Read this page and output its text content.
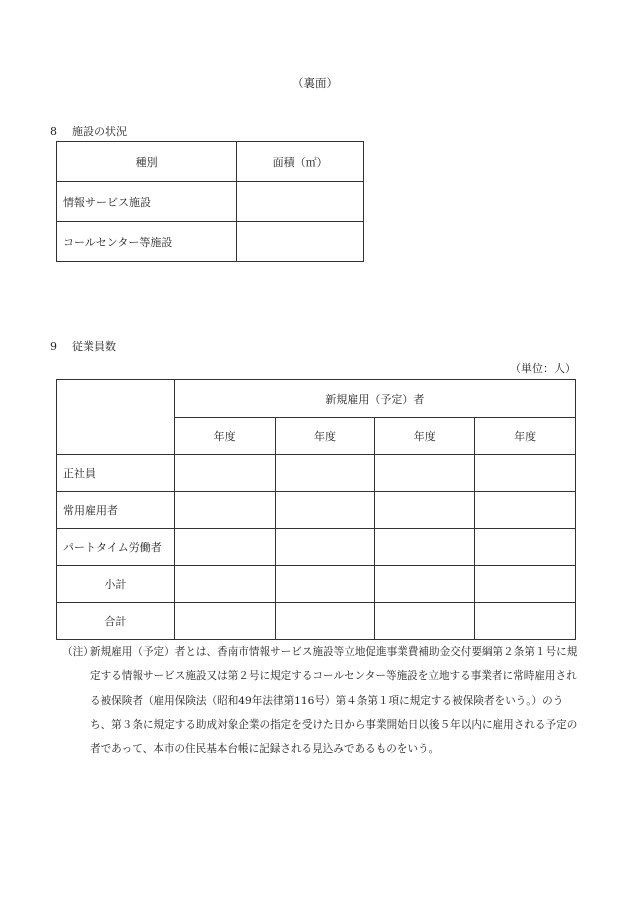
（裏面）
8 施設の状況
種別	面積（㎡）
情報サービス施設	
コールセンター等施設	
9 従業員数
（単位：人）
	新規雇用（予定）者			
	年度	年度	年度	年度
正社員				
常用雇用者				
パートタイム労働者				
小計				
合計				
（注）
新規雇用（予定）者とは、香南市情報サービス施設等立地促進事業費補助金交付要綱第２条第１号に規定する情報サービス施設又は第２号に規定するコールセンター等施設を立地する事業者に常時雇用される被保険者（雇用保険法（昭和49年法律第116号）第４条第１項に規定する被保険者をいう。）のうち、第３条に規定する助成対象企業の指定を受けた日から事業開始日以後５年以内に雇用される予定の者であって、本市の住民基本台帳に記録される見込みであるものをいう。
